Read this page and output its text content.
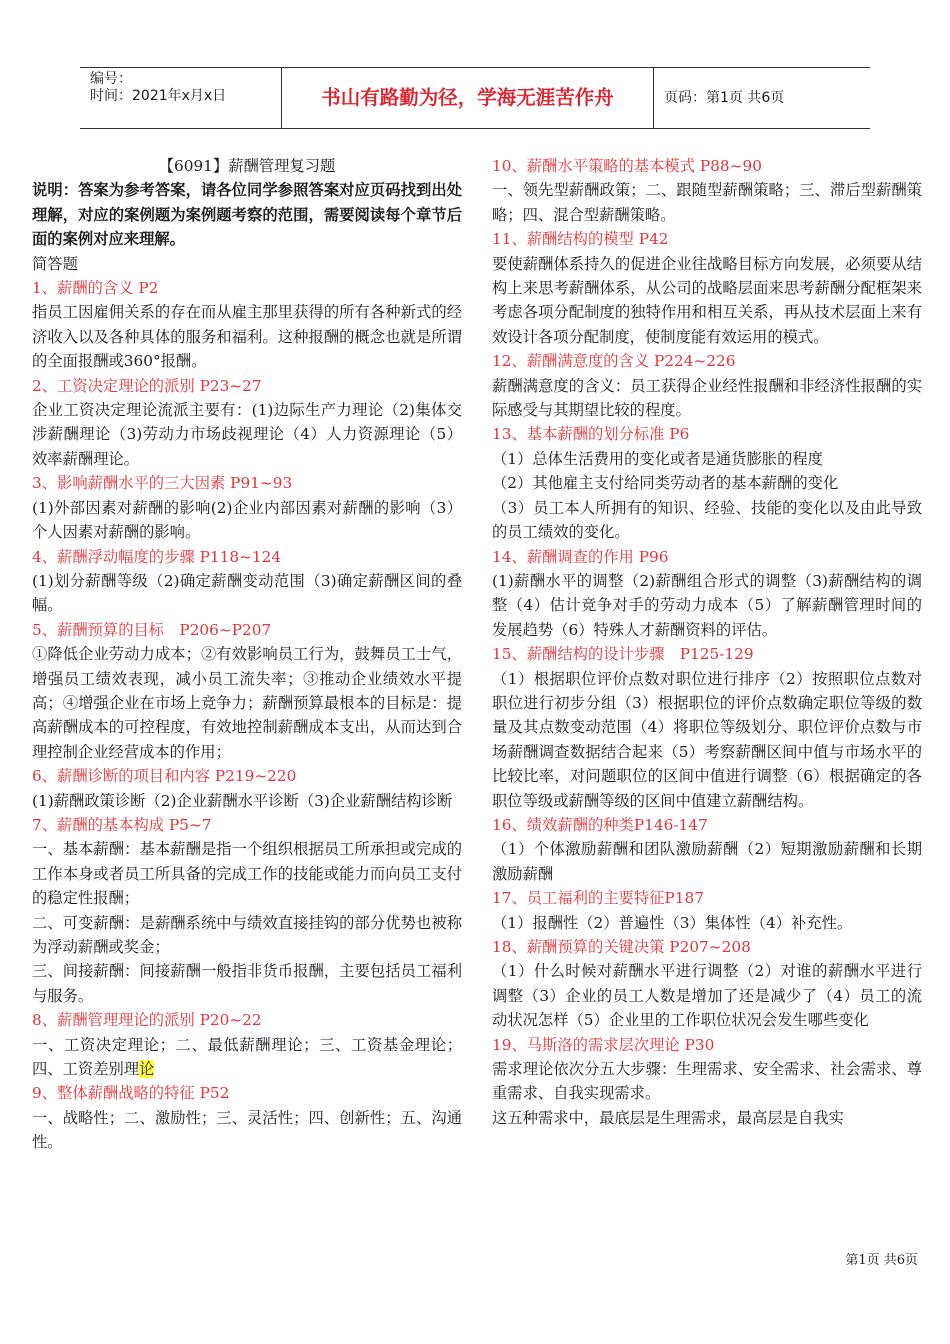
编号：
时间：2021年x月x日	书山有路勤为径，学海无涯苦作舟	页码：第1页 共6页

【6091】薪酬管理复习题

说明：答案为参考答案，请各位同学参照答案对应页码找到出处理解，对应的案例题为案例题考察的范围，需要阅读每个章节后面的案例对应来理解。

简答题

1、薪酬的含义 P2

指员工因雇佣关系的存在而从雇主那里获得的所有各种新式的经济收入以及各种具体的服务和福利。这种报酬的概念也就是所谓的全面报酬或360°报酬。

2、工资决定理论的派别 P23~27

企业工资决定理论流派主要有：(1)边际生产力理论（2)集体交涉薪酬理论（3)劳动力市场歧视理论（4）人力资源理论（5）效率薪酬理论。

3、影响薪酬水平的三大因素 P91~93

(1)外部因素对薪酬的影响(2)企业内部因素对薪酬的影响（3）个人因素对薪酬的影响。

4、薪酬浮动幅度的步骤 P118~124

(1)划分薪酬等级（2)确定薪酬变动范围（3)确定薪酬区间的叠幅。

5、薪酬预算的目标　P206~P207

①降低企业劳动力成本；②有效影响员工行为，鼓舞员工士气，增强员工绩效表现，减小员工流失率；③推动企业绩效水平提高；④增强企业在市场上竞争力；薪酬预算最根本的目标是：提高薪酬成本的可控程度，有效地控制薪酬成本支出，从而达到合理控制企业经营成本的作用；

6、薪酬诊断的项目和内容 P219~220

(1)薪酬政策诊断（2)企业薪酬水平诊断（3)企业薪酬结构诊断

7、薪酬的基本构成 P5~7

一、基本薪酬：基本薪酬是指一个组织根据员工所承担或完成的工作本身或者员工所具备的完成工作的技能或能力而向员工支付的稳定性报酬；
二、可变薪酬：是薪酬系统中与绩效直接挂钩的部分优势也被称为浮动薪酬或奖金；
三、间接薪酬：间接薪酬一般指非货币报酬，主要包括员工福利与服务。

8、薪酬管理理论的派别 P20~22

一、工资决定理论；二、最低薪酬理论；三、工资基金理论；四、工资差别理论

9、整体薪酬战略的特征 P52

一、战略性；二、激励性；三、灵活性；四、创新性；五、沟通性。

10、薪酬水平策略的基本模式 P88~90

一、领先型薪酬政策；二、跟随型薪酬策略；三、滞后型薪酬策略；四、混合型薪酬策略。

11、薪酬结构的模型 P42

要使薪酬体系持久的促进企业往战略目标方向发展，必须要从结构上来思考薪酬体系，从公司的战略层面来思考薪酬分配框架来考虑各项分配制度的独特作用和相互关系，再从技术层面上来有效设计各项分配制度，使制度能有效运用的模式。

12、薪酬满意度的含义 P224~226

薪酬满意度的含义：员工获得企业经性报酬和非经济性报酬的实际感受与其期望比较的程度。

13、基本薪酬的划分标准 P6

（1）总体生活费用的变化或者是通货膨胀的程度
（2）其他雇主支付给同类劳动者的基本薪酬的变化
（3）员工本人所拥有的知识、经验、技能的变化以及由此导致的员工绩效的变化。

14、薪酬调查的作用 P96

(1)薪酬水平的调整（2)薪酬组合形式的调整（3)薪酬结构的调整（4）估计竞争对手的劳动力成本（5）了解薪酬管理时间的发展趋势（6）特殊人才薪酬资料的评估。

15、薪酬结构的设计步骤　P125-129

（1）根据职位评价点数对职位进行排序（2）按照职位点数对职位进行初步分组（3）根据职位的评价点数确定职位等级的数量及其点数变动范围（4）将职位等级划分、职位评价点数与市场薪酬调查数据结合起来（5）考察薪酬区间中值与市场水平的比较比率，对问题职位的区间中值进行调整（6）根据确定的各职位等级或薪酬等级的区间中值建立薪酬结构。

16、绩效薪酬的种类P146-147

（1）个体激励薪酬和团队激励薪酬（2）短期激励薪酬和长期激励薪酬

17、员工福利的主要特征P187

（1）报酬性（2）普遍性（3）集体性（4）补充性。

18、薪酬预算的关键决策 P207~208

（1）什么时候对薪酬水平进行调整（2）对谁的薪酬水平进行调整（3）企业的员工人数是增加了还是减少了（4）员工的流动状况怎样（5）企业里的工作职位状况会发生哪些变化

19、马斯洛的需求层次理论 P30

需求理论依次分五大步骤：生理需求、安全需求、社会需求、尊重需求、自我实现需求。
这五种需求中，最底层是生理需求，最高层是自我实

第1页 共6页
